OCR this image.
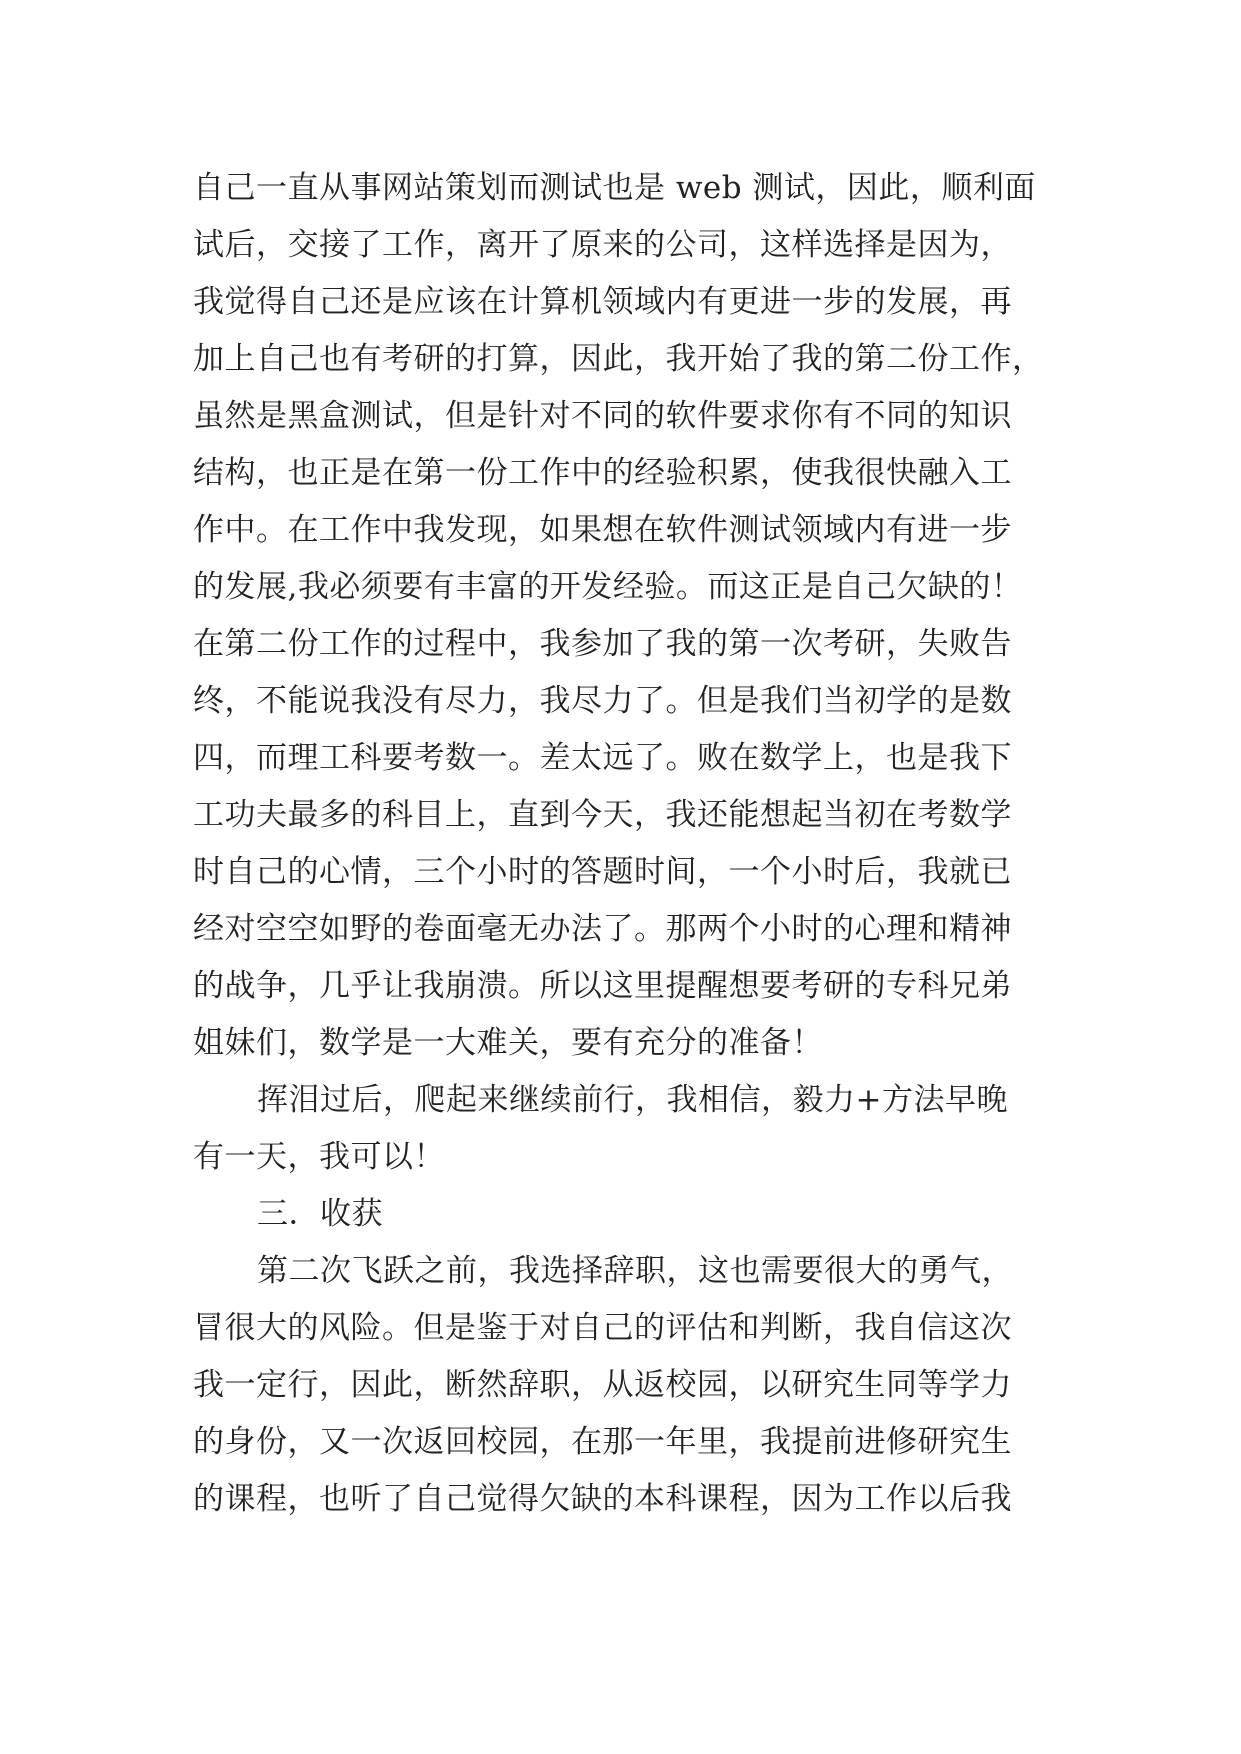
自己一直从事网站策划而测试也是 web 测试，因此，顺利面
试后，交接了工作，离开了原来的公司，这样选择是因为，
我觉得自己还是应该在计算机领域内有更进一步的发展，再
加上自己也有考研的打算，因此，我开始了我的第二份工作，
虽然是黑盒测试，但是针对不同的软件要求你有不同的知识
结构，也正是在第一份工作中的经验积累，使我很快融入工
作中。在工作中我发现，如果想在软件测试领域内有进一步
的发展,我必须要有丰富的开发经验。而这正是自己欠缺的！
在第二份工作的过程中，我参加了我的第一次考研，失败告
终，不能说我没有尽力，我尽力了。但是我们当初学的是数
四，而理工科要考数一。差太远了。败在数学上，也是我下
工功夫最多的科目上，直到今天，我还能想起当初在考数学
时自己的心情，三个小时的答题时间，一个小时后，我就已
经对空空如野的卷面毫无办法了。那两个小时的心理和精神
的战争，几乎让我崩溃。所以这里提醒想要考研的专科兄弟
姐妹们，数学是一大难关，要有充分的准备！
挥泪过后，爬起来继续前行，我相信，毅力+方法早晚
有一天，我可以！
三．收获
第二次飞跃之前，我选择辞职，这也需要很大的勇气，
冒很大的风险。但是鉴于对自己的评估和判断，我自信这次
我一定行，因此，断然辞职，从返校园，以研究生同等学力
的身份，又一次返回校园，在那一年里，我提前进修研究生
的课程，也听了自己觉得欠缺的本科课程，因为工作以后我
